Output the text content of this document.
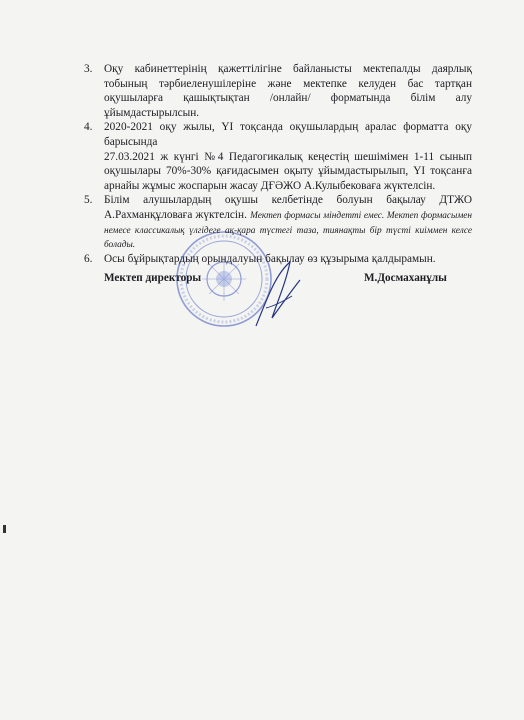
3. Оқу кабинеттерінің қажеттілігіне байланысты мектепалды даярлық тобының тәрбиеленушілеріне және мектепке келуден бас тартқан оқушыларға қашықтықтан /онлайн/ форматында білім алу ұйымдастырылсын.

4. 2020-2021 оқу жылы, ҮІ тоқсанда оқушылардың аралас форматта оқу барысында

27.03.2021 ж күнгі №4 Педагогикалық кеңестің шешімімен 1-11 сынып оқушылары 70%-30% қағидасымен оқыту ұйымдастырылып, ҮІ тоқсанға арнайы жұмыс жоспарын жасау ДҒӘЖО А.Кулыбековаға жүктелсін.

5. Білім алушылардың оқушы келбетінде болуын бақылау ДТЖО А.Рахманқұловаға жүктелсін. Мектеп формасы міндетті емес. Мектеп формасымен немесе классикалық үлгідеге ақ-қара түстегі таза, тиянақты бір түсті киіммен келсе болады.

6. Осы бұйрықтардың орындалуын бақылау өз құзырыма қалдырамын.

Мектеп директоры	М.Досмаханұлы
